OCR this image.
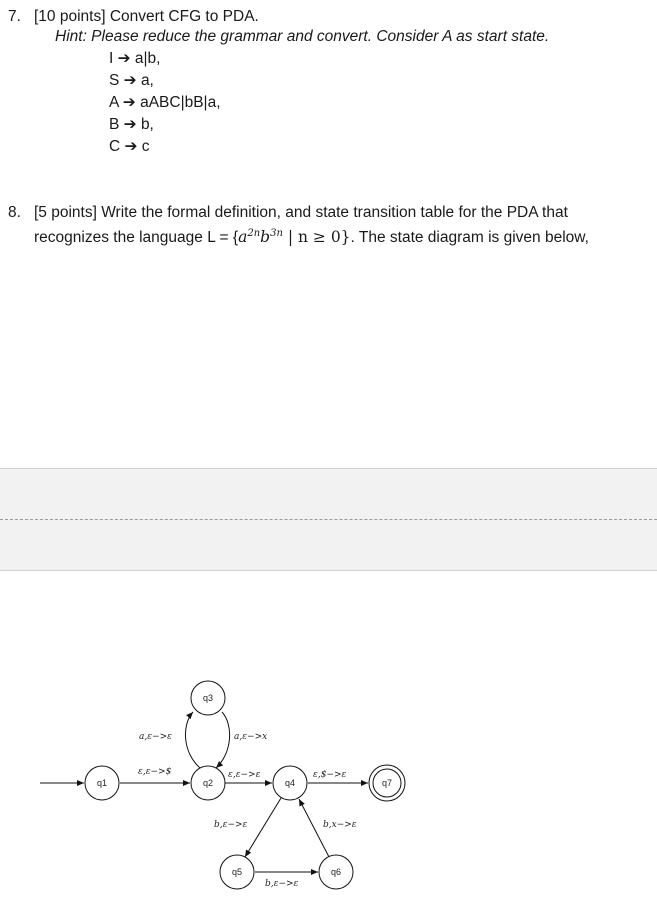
7. [10 points] Convert CFG to PDA.
Hint: Please reduce the grammar and convert. Consider A as start state.
I ➔ a|b,
S ➔ a,
A ➔ aABC|bB|a,
B ➔ b,
C ➔ c
8. [5 points] Write the formal definition, and state transition table for the PDA that
recognizes the language $L = \{a^{2n}b^{3n}$ | n ≥ 0}. The state diagram is given below,
q1	q2
q3
q4
q5	q6
q7
ε,ε−>$
a,ε−>ε	a,ε−>x
ε,ε−>ε	ε,$−>ε
b,ε−>ε
b,ε−>ε
b,x−>ε
